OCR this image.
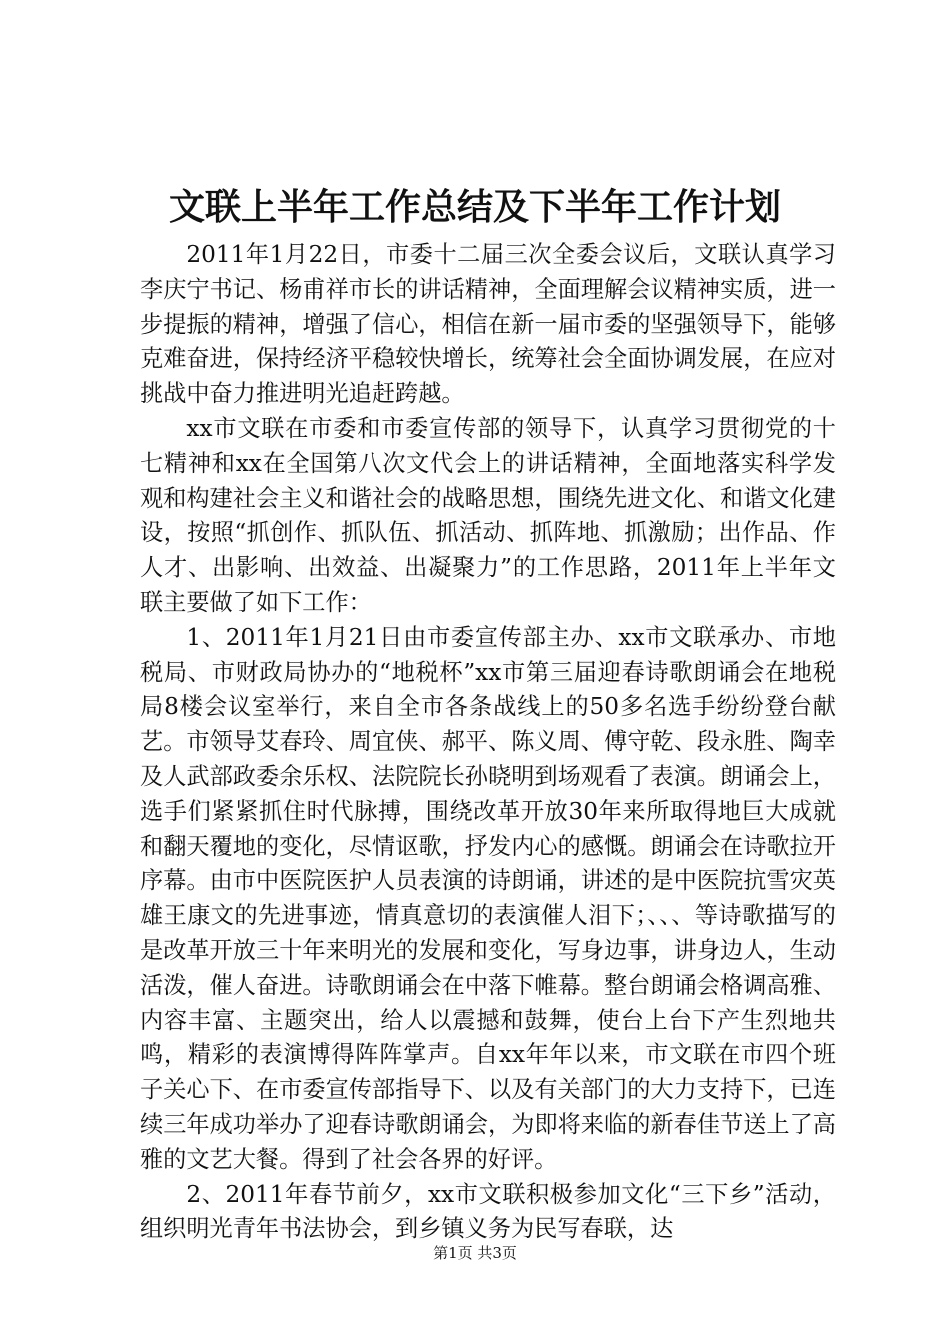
文联上半年工作总结及下半年工作计划

2011年1月22日，市委十二届三次全委会议后，文联认真学习李庆宁书记、杨甫祥市长的讲话精神，全面理解会议精神实质，进一步提振的精神，增强了信心，相信在新一届市委的坚强领导下，能够克难奋进，保持经济平稳较快增长，统筹社会全面协调发展，在应对挑战中奋力推进明光追赶跨越。

xx市文联在市委和市委宣传部的领导下，认真学习贯彻党的十七精神和xx在全国第八次文代会上的讲话精神，全面地落实科学发观和构建社会主义和谐社会的战略思想，围绕先进文化、和谐文化建设，按照“抓创作、抓队伍、抓活动、抓阵地、抓激励；出作品、作人才、出影响、出效益、出凝聚力”的工作思路，2011年上半年文联主要做了如下工作：

1、2011年1月21日由市委宣传部主办、xx市文联承办、市地税局、市财政局协办的“地税杯”xx市第三届迎春诗歌朗诵会在地税局8楼会议室举行，来自全市各条战线上的50多名选手纷纷登台献艺。市领导艾春玲、周宜侠、郝平、陈义周、傅守乾、段永胜、陶幸及人武部政委余乐权、法院院长孙晓明到场观看了表演。朗诵会上，选手们紧紧抓住时代脉搏，围绕改革开放30年来所取得地巨大成就和翻天覆地的变化，尽情讴歌，抒发内心的感慨。朗诵会在诗歌拉开序幕。由市中医院医护人员表演的诗朗诵，讲述的是中医院抗雪灾英雄王康文的先进事迹，情真意切的表演催人泪下；、、、等诗歌描写的是改革开放三十年来明光的发展和变化，写身边事，讲身边人，生动活泼，催人奋进。诗歌朗诵会在中落下帷幕。整台朗诵会格调高雅、内容丰富、主题突出，给人以震撼和鼓舞，使台上台下产生烈地共鸣，精彩的表演博得阵阵掌声。自xx年年以来，市文联在市四个班子关心下、在市委宣传部指导下、以及有关部门的大力支持下，已连续三年成功举办了迎春诗歌朗诵会，为即将来临的新春佳节送上了高雅的文艺大餐。得到了社会各界的好评。

2、2011年春节前夕，xx市文联积极参加文化“三下乡”活动，组织明光青年书法协会，到乡镇义务为民写春联，达

第1页 共3页
